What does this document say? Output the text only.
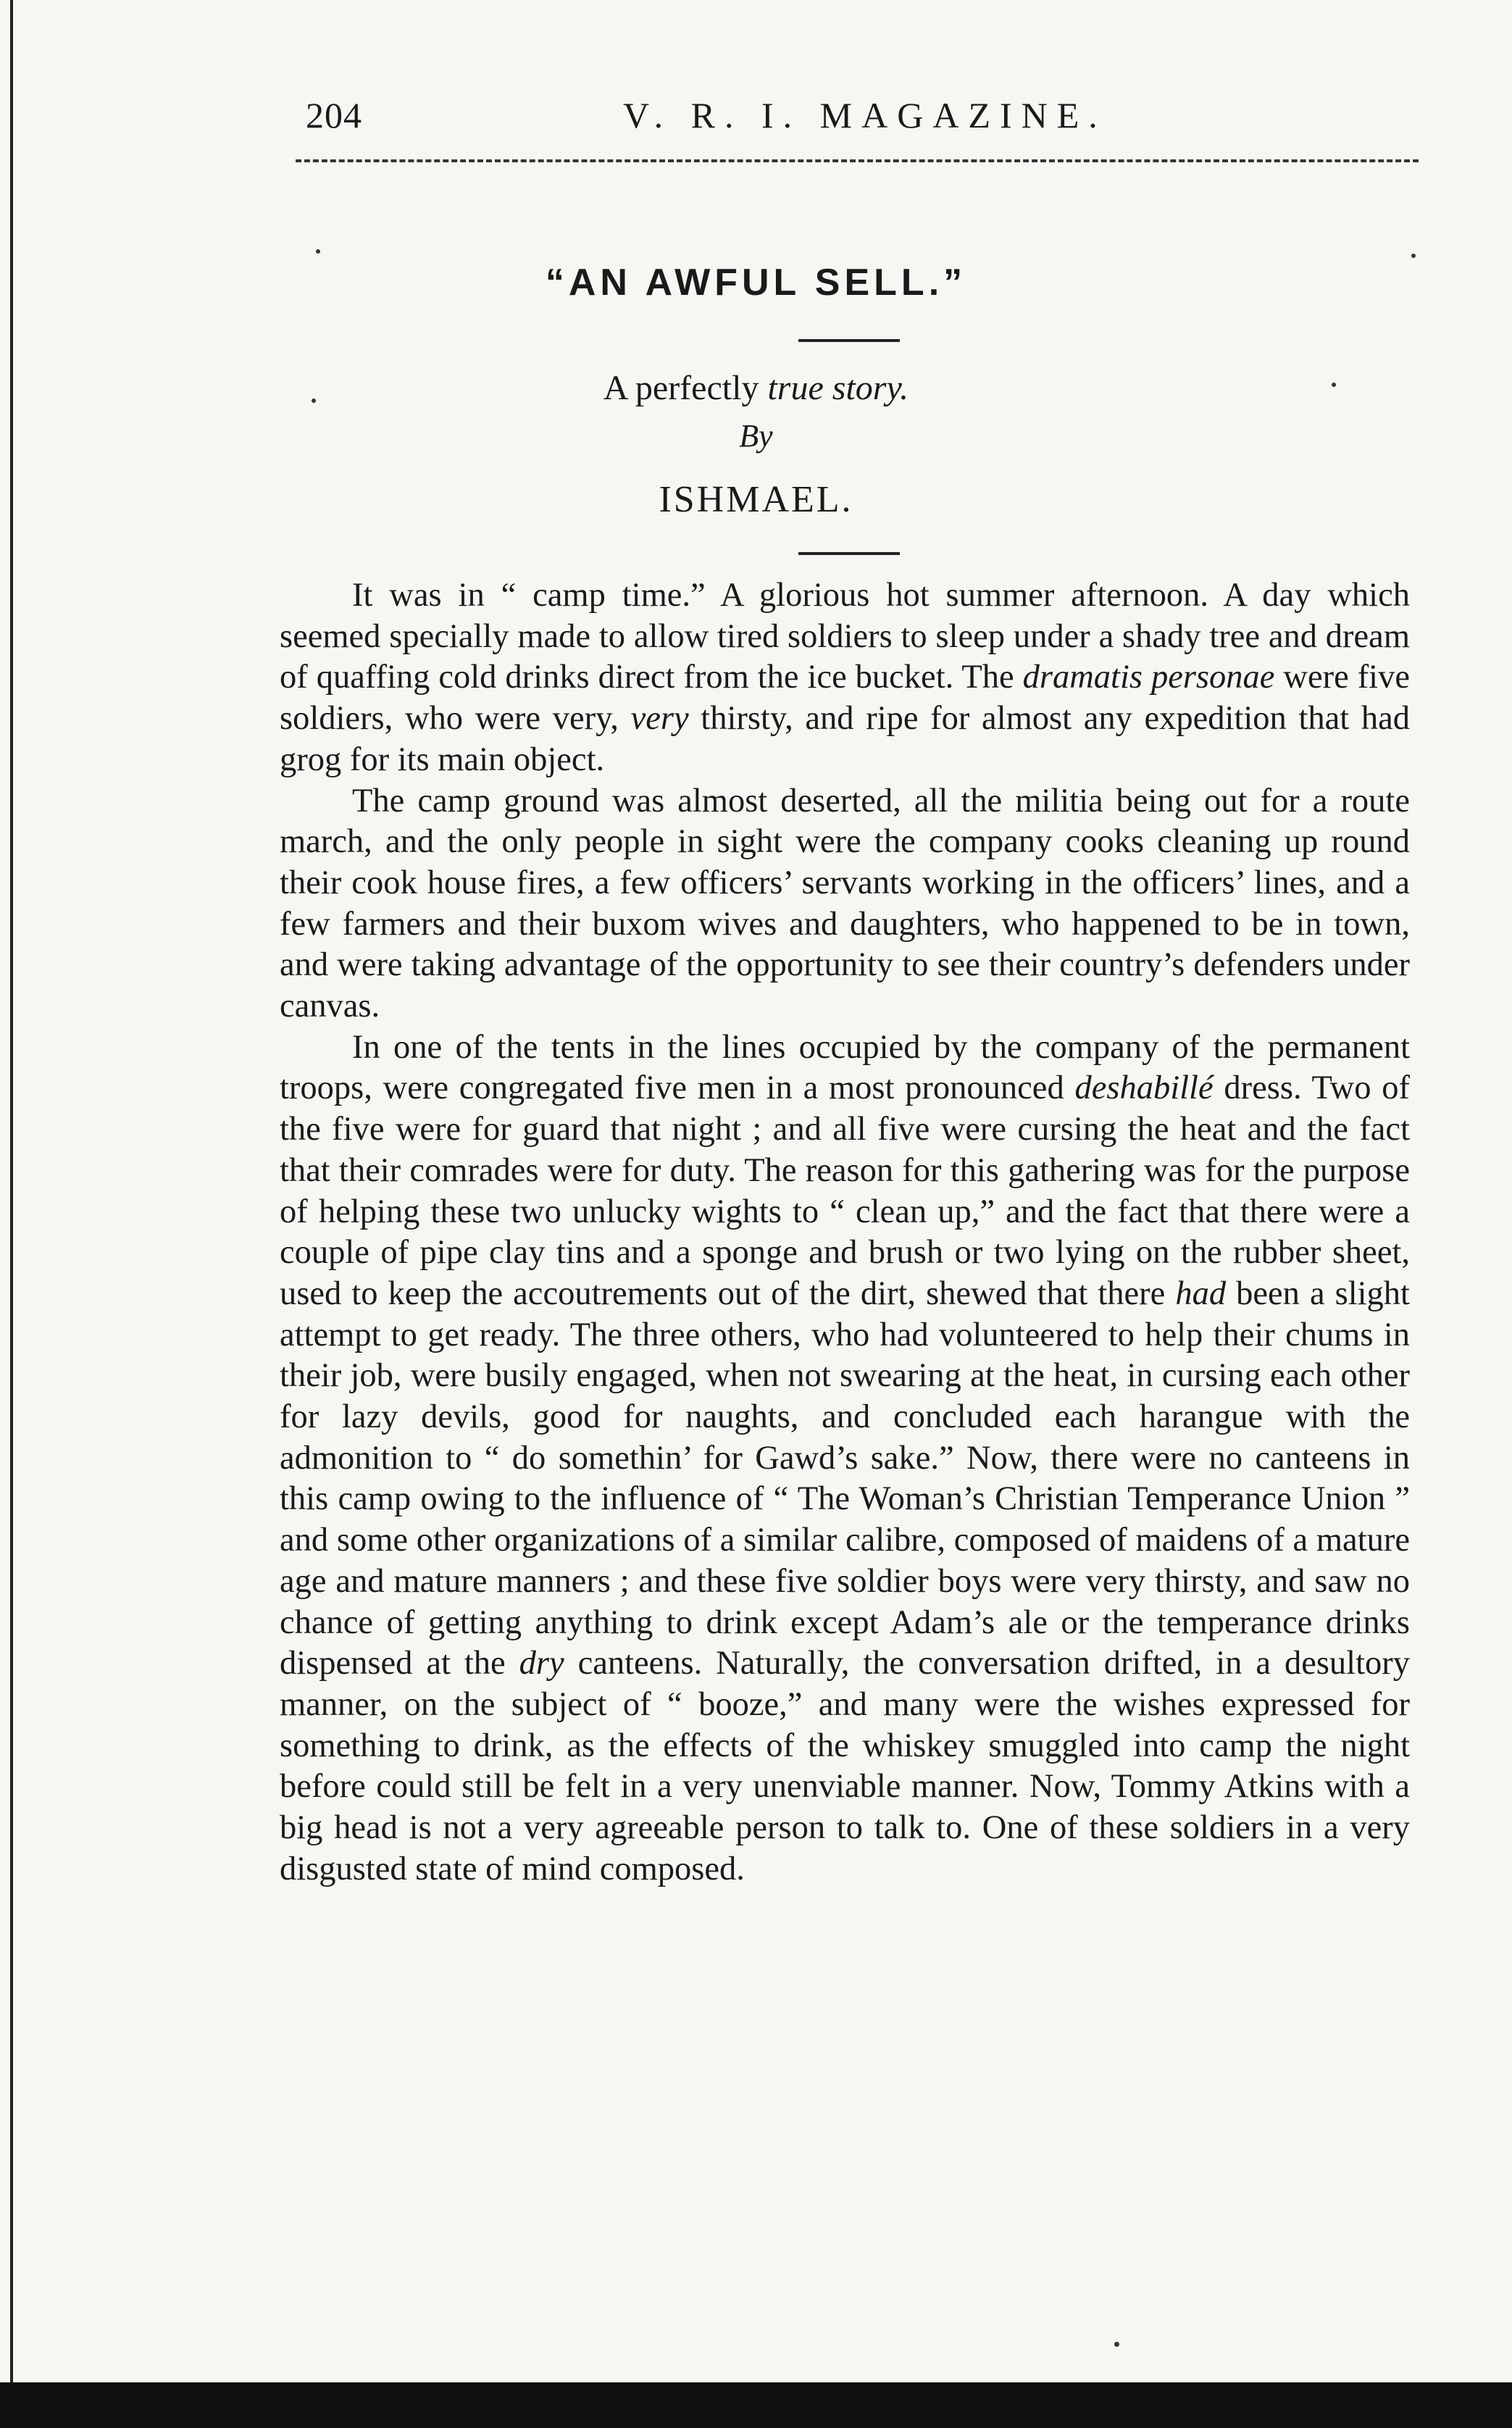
204	V. R. I. MAGAZINE.
“AN AWFUL SELL.”
A perfectly true story.
By
ISHMAEL.

It was in “ camp time.” A glorious hot summer afternoon. A day which seemed specially made to allow tired soldiers to sleep under a shady tree and dream of quaffing cold drinks direct from the ice bucket. The dramatis personae were five soldiers, who were very, very thirsty, and ripe for almost any expedition that had grog for its main object.

The camp ground was almost deserted, all the militia being out for a route march, and the only people in sight were the company cooks cleaning up round their cook house fires, a few officers’ servants working in the officers’ lines, and a few farmers and their buxom wives and daughters, who happened to be in town, and were taking advantage of the opportunity to see their country’s defenders under canvas.

In one of the tents in the lines occupied by the company of the permanent troops, were congregated five men in a most pronounced deshabillé dress. Two of the five were for guard that night ; and all five were cursing the heat and the fact that their comrades were for duty. The reason for this gathering was for the purpose of helping these two unlucky wights to “ clean up,” and the fact that there were a couple of pipe clay tins and a sponge and brush or two lying on the rubber sheet, used to keep the accoutrements out of the dirt, shewed that there had been a slight attempt to get ready. The three others, who had volunteered to help their chums in their job, were busily engaged, when not swearing at the heat, in cursing each other for lazy devils, good for naughts, and concluded each harangue with the admonition to “ do somethin’ for Gawd’s sake.” Now, there were no canteens in this camp owing to the influence of “ The Woman’s Christian Temperance Union ” and some other organizations of a similar calibre, composed of maidens of a mature age and mature manners ; and these five soldier boys were very thirsty, and saw no chance of getting anything to drink except Adam’s ale or the temperance drinks dispensed at the dry canteens. Naturally, the conversation drifted, in a desultory manner, on the subject of “ booze,” and many were the wishes expressed for something to drink, as the effects of the whiskey smuggled into camp the night before could still be felt in a very unenviable manner. Now, Tommy Atkins with a big head is not a very agreeable person to talk to. One of these soldiers in a very disgusted state of mind composed.
